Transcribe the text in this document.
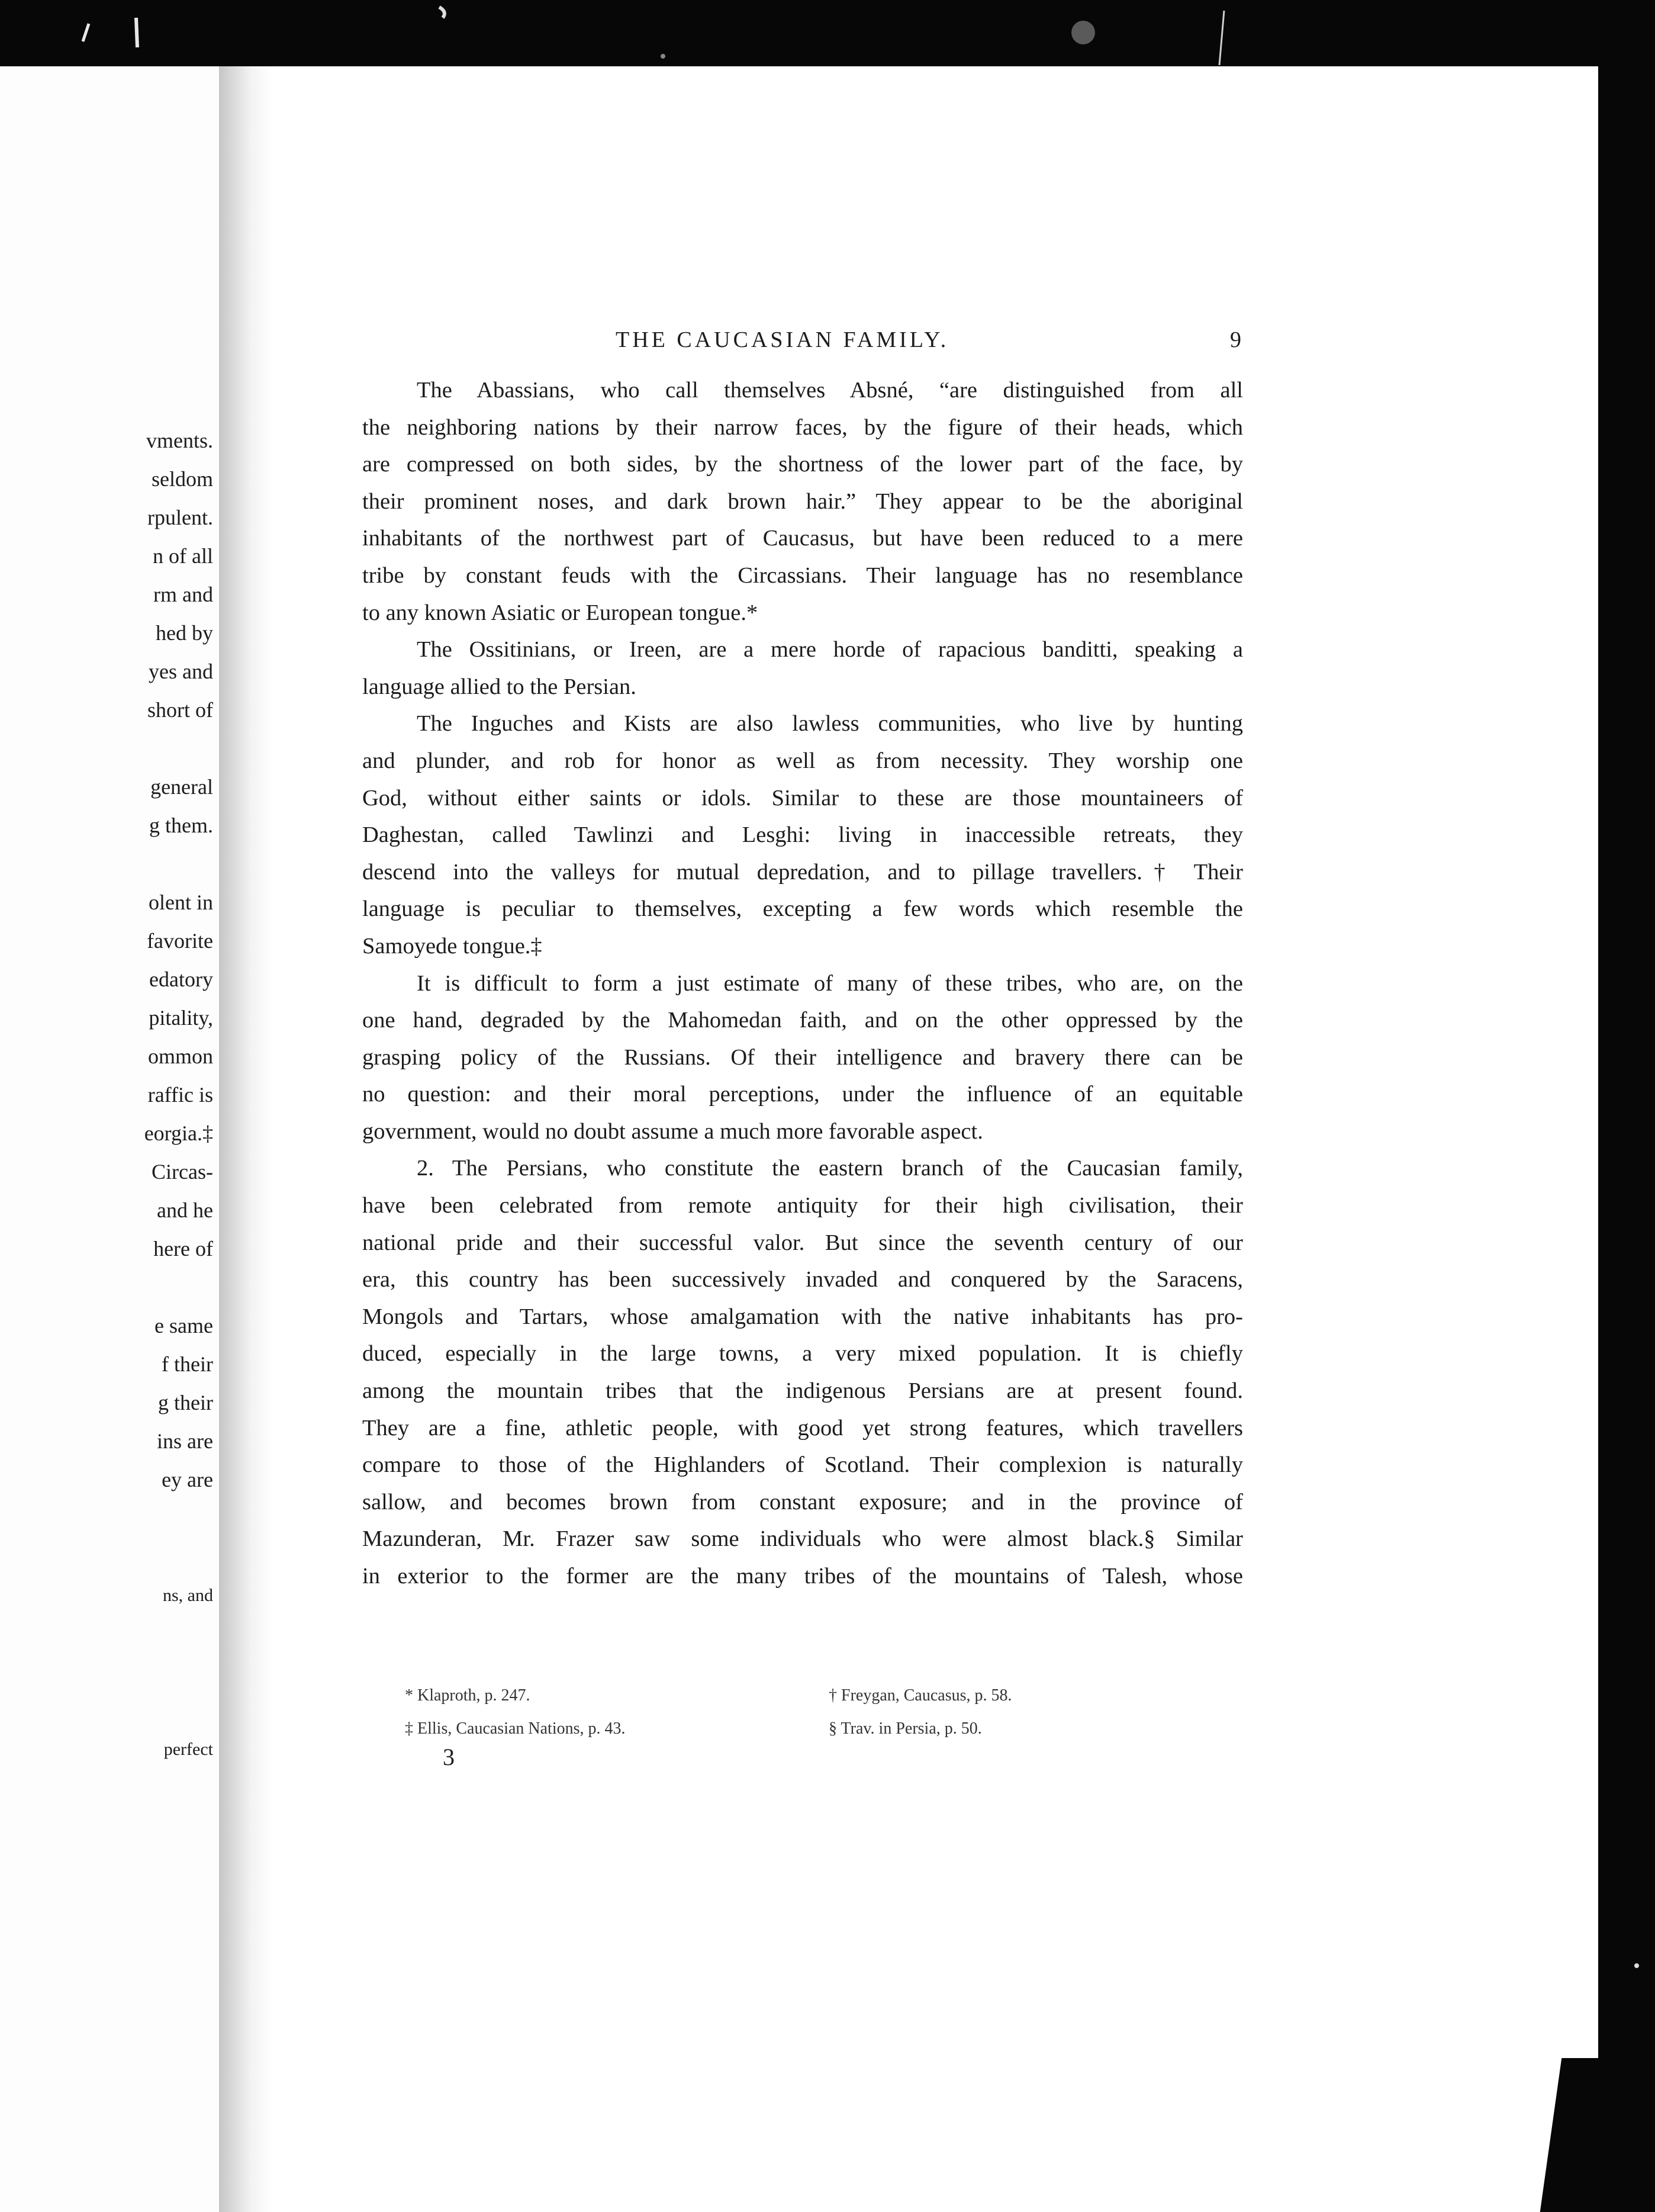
vments.
seldom
rpulent.
n of all
rm and
hed by
yes and
short of
general
g them.
olent in
favorite
edatory
pitality,
ommon
raffic is
eorgia.‡
Circas-
and he
here of
e same
f their
g their
ins are
ey are
ns, and
perfect
THE CAUCASIAN FAMILY.	9
The Abassians, who call themselves Absné, “are distinguished from all
the neighboring nations by their narrow faces, by the figure of their heads, which
are compressed on both sides, by the shortness of the lower part of the face, by
their prominent noses, and dark brown hair.” They appear to be the aboriginal
inhabitants of the northwest part of Caucasus, but have been reduced to a mere
tribe by constant feuds with the Circassians. Their language has no resemblance
to any known Asiatic or European tongue.*
The Ossitinians, or Ireen, are a mere horde of rapacious banditti, speaking a
language allied to the Persian.
The Inguches and Kists are also lawless communities, who live by hunting
and plunder, and rob for honor as well as from necessity. They worship one
God, without either saints or idols. Similar to these are those mountaineers of
Daghestan, called Tawlinzi and Lesghi: living in inaccessible retreats, they
descend into the valleys for mutual depredation, and to pillage travellers.† Their
language is peculiar to themselves, excepting a few words which resemble the
Samoyede tongue.‡
It is difficult to form a just estimate of many of these tribes, who are, on the
one hand, degraded by the Mahomedan faith, and on the other oppressed by the
grasping policy of the Russians. Of their intelligence and bravery there can be
no question: and their moral perceptions, under the influence of an equitable
government, would no doubt assume a much more favorable aspect.
2. The Persians, who constitute the eastern branch of the Caucasian family,
have been celebrated from remote antiquity for their high civilisation, their
national pride and their successful valor. But since the seventh century of our
era, this country has been successively invaded and conquered by the Saracens,
Mongols and Tartars, whose amalgamation with the native inhabitants has pro-
duced, especially in the large towns, a very mixed population. It is chiefly
among the mountain tribes that the indigenous Persians are at present found.
They are a fine, athletic people, with good yet strong features, which travellers
compare to those of the Highlanders of Scotland. Their complexion is naturally
sallow, and becomes brown from constant exposure; and in the province of
Mazunderan, Mr. Frazer saw some individuals who were almost black.§ Similar
in exterior to the former are the many tribes of the mountains of Talesh, whose
* Klaproth, p. 247.
‡ Ellis, Caucasian Nations, p. 43.
† Freygan, Caucasus, p. 58.
§ Trav. in Persia, p. 50.
3
